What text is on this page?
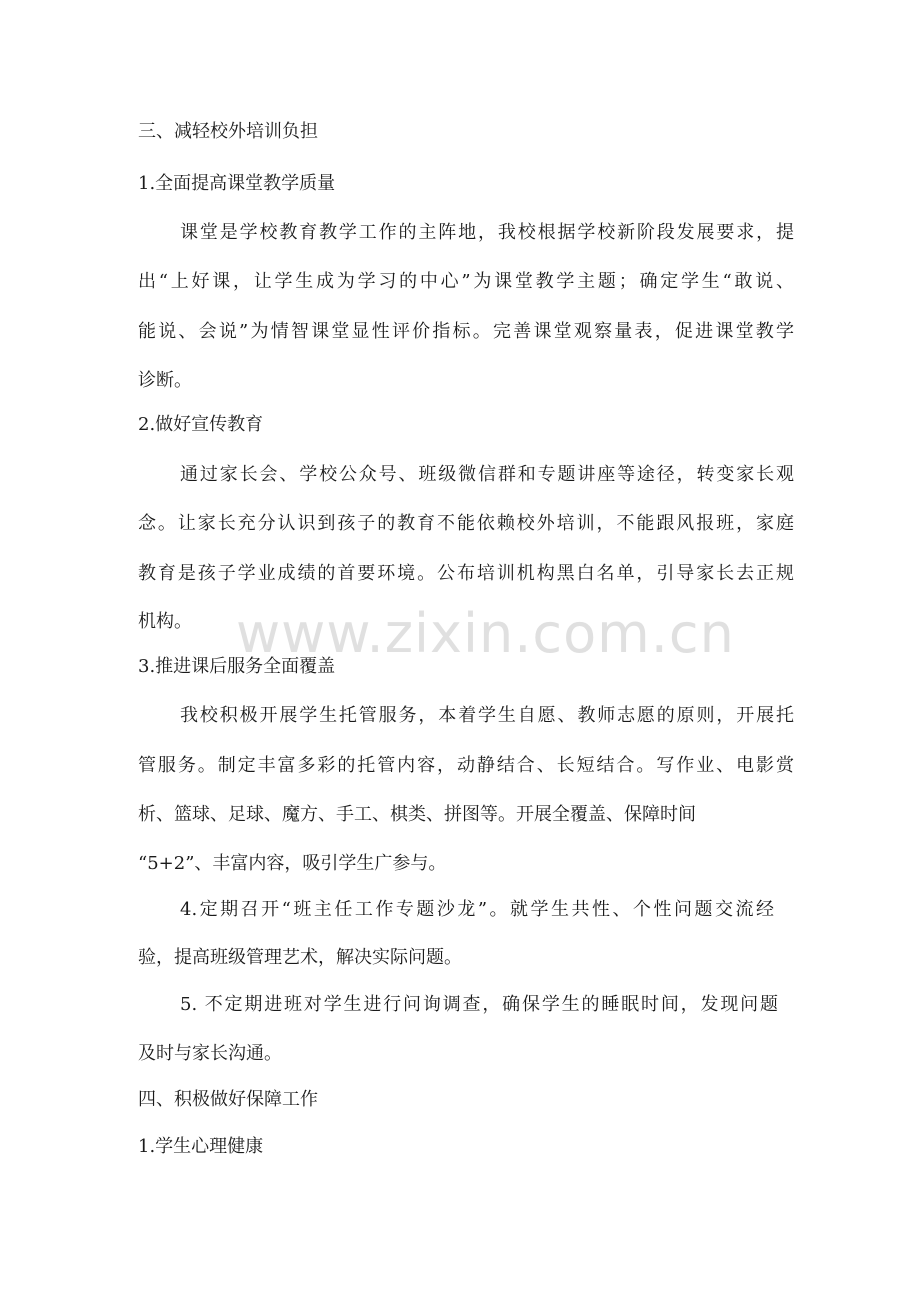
三、减轻校外培训负担
1.全面提高课堂教学质量
课堂是学校教育教学工作的主阵地，我校根据学校新阶段发展要求，提
出“上好课，让学生成为学习的中心”为课堂教学主题；确定学生“敢说、
能说、会说”为情智课堂显性评价指标。完善课堂观察量表，促进课堂教学
诊断。
2.做好宣传教育
通过家长会、学校公众号、班级微信群和专题讲座等途径，转变家长观
念。让家长充分认识到孩子的教育不能依赖校外培训，不能跟风报班，家庭
教育是孩子学业成绩的首要环境。公布培训机构黑白名单，引导家长去正规
机构。 www.zixin.com.cn
3.推进课后服务全面覆盖
我校积极开展学生托管服务，本着学生自愿、教师志愿的原则，开展托
管服务。制定丰富多彩的托管内容，动静结合、长短结合。写作业、电影赏
析、篮球、足球、魔方、手工、棋类、拼图等。开展全覆盖、保障时间
“5+2”、丰富内容，吸引学生广参与。
4.定期召开“班主任工作专题沙龙”。就学生共性、个性问题交流经
验，提高班级管理艺术，解决实际问题。
5. 不定期进班对学生进行问询调查，确保学生的睡眠时间，发现问题
及时与家长沟通。
四、积极做好保障工作
1.学生心理健康
